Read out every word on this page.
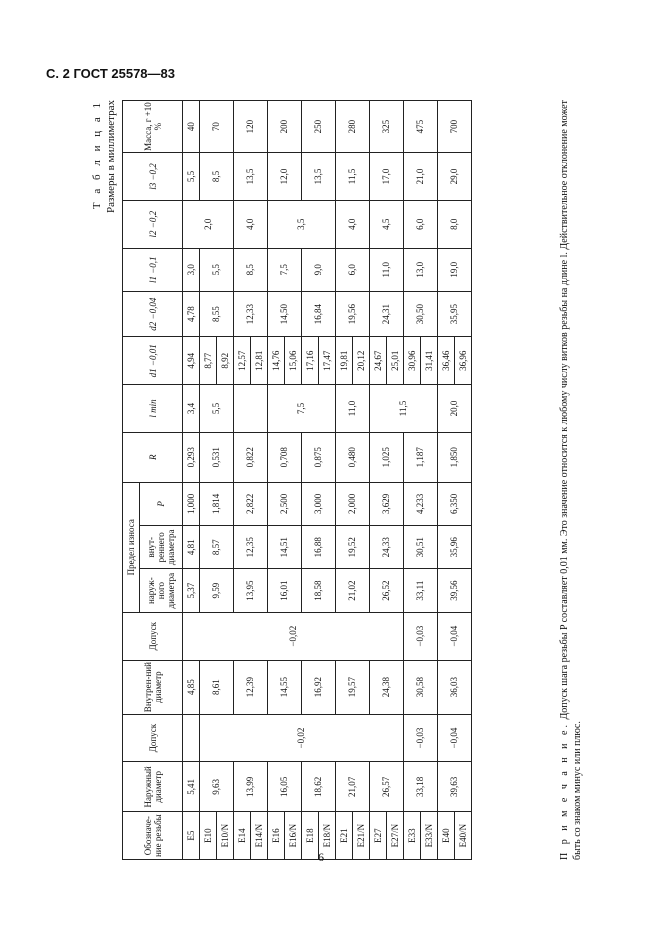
С. 2 ГОСТ 25578—83
Т а б л и ц а 1 Размеры в миллиметрах
Обозначе-ние резьбы	Наружный диаметр	Допуск	Внутрен-ний диаметр	Допуск	Предел износа			R	l min	d1 −0,01	d2 −0,04	l1 −0,1	l2 −0,2	l3 −0,2	Масса, г +10 %
					наруж-ного диаметра	внут-реннего диаметра	P								
E5	5,41		4,85	−0,02	5,37	4,81	1,000	0,293	3,4	4,94	4,78	3,0	2,0	5,5	40
E10	9,63	−0,02	8,61		9,59	8,57	1,814	0,531	5,5	8,77	8,55	5,5		8,5	70
E10/N										8,92					
E14	13,99		12,39		13,95	12,35	2,822	0,822		12,57	12,33	8,5	4,0	13,5	120
E14/N										12,81					
E16	16,05		14,55		16,01	14,51	2,500	0,708	7,5	14,76	14,50	7,5	3,5	12,0	200
E16/N										15,06					
E18	18,62		16,92		18,58	16,88	3,000	0,875		17,16	16,84	9,0		13,5	250
E18/N										17,47					
E21	21,07		19,57		21,02	19,52	2,000	0,480	11,0	19,81	19,56	6,0	4,0	11,5	280
E21/N										20,12					
E27	26,57		24,38		26,52	24,33	3,629	1,025	11,5	24,67	24,31	11,0	4,5	17,0	325
E27/N										25,01					
E33	33,18	−0,03	30,58	−0,03	33,11	30,51	4,233	1,187		30,96	30,50	13,0	6,0	21,0	475
E33/N										31,41					
E40	39,63	−0,04	36,03	−0,04	39,56	35,96	6,350	1,850	20,0	36,46	35,95	19,0	8,0	29,0	700
E40/N										36,96					
П р и м е ч а н и е. Допуск шага резьбы P составляет 0,01 мм. Это значение относится к любому числу витков резьбы на длине l. Действительное отклонение может быть со знаком минус или плюс.
6
